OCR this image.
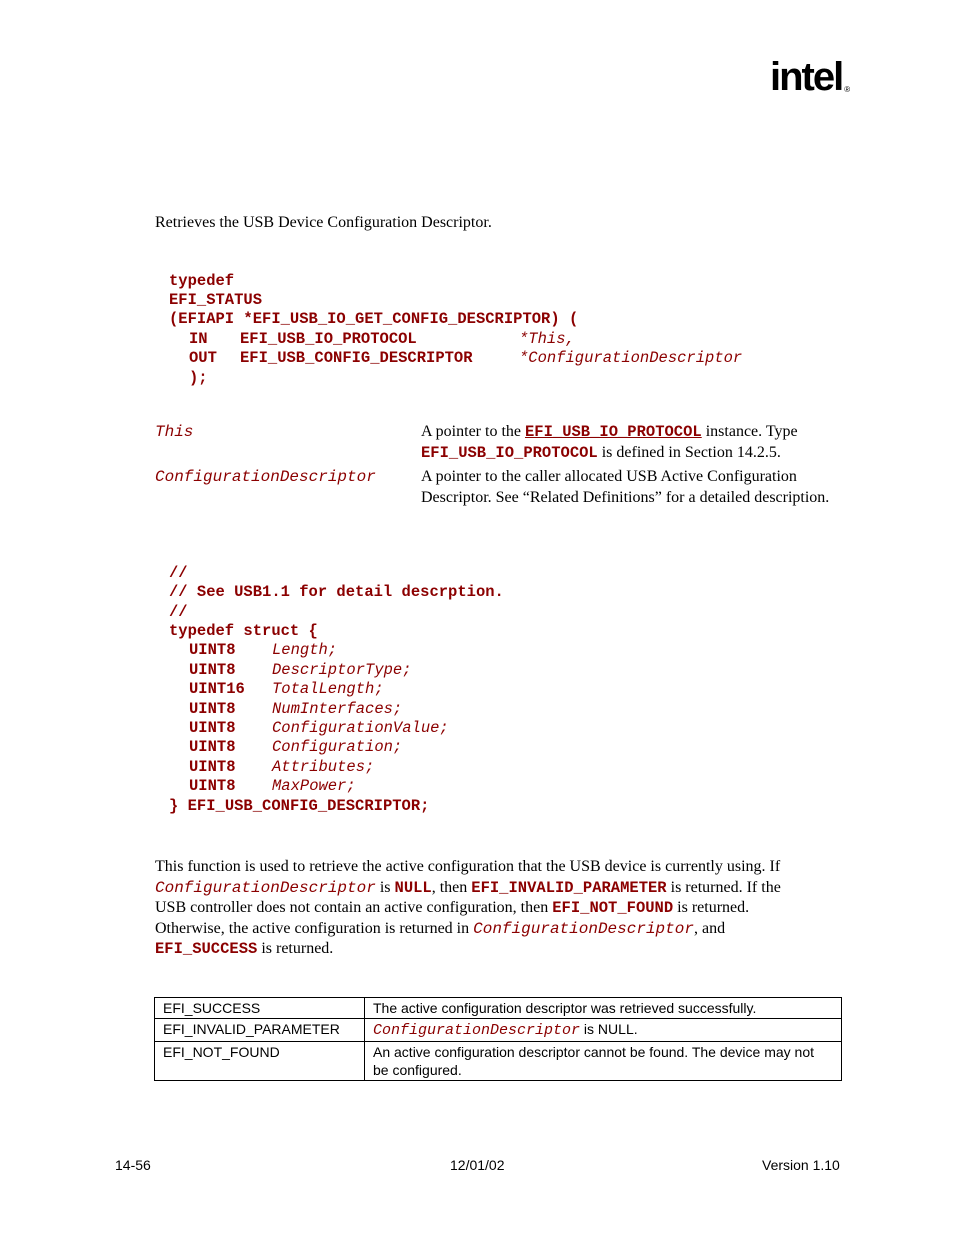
intel ®
Retrieves the USB Device Configuration Descriptor.
typedef
EFI_STATUS
(EFIAPI *EFI_USB_IO_GET_CONFIG_DESCRIPTOR) (
IN EFI_USB_IO_PROTOCOL	*This,
OUT EFI_USB_CONFIG_DESCRIPTOR	*ConfigurationDescriptor
);
This	A pointer to the EFI_USB_IO_PROTOCOL instance. Type EFI_USB_IO_PROTOCOL is defined in Section 14.2.5.
ConfigurationDescriptor	A pointer to the caller allocated USB Active Configuration Descriptor. See “Related Definitions” for a detailed description.
//
// See USB1.1 for detail descrption.
//
typedef struct {
UINT8 Length;
UINT8 DescriptorType;
UINT16 TotalLength;
UINT8 NumInterfaces;
UINT8 ConfigurationValue;
UINT8 Configuration;
UINT8 Attributes;
UINT8 MaxPower;
} EFI_USB_CONFIG_DESCRIPTOR;
This function is used to retrieve the active configuration that the USB device is currently using. If
ConfigurationDescriptor is NULL, then EFI_INVALID_PARAMETER is returned. If the
USB controller does not contain an active configuration, then EFI_NOT_FOUND is returned.
Otherwise, the active configuration is returned in ConfigurationDescriptor, and
EFI_SUCCESS is returned.
EFI_SUCCESS	The active configuration descriptor was retrieved successfully.
EFI_INVALID_PARAMETER	ConfigurationDescriptor is NULL.
EFI_NOT_FOUND	An active configuration descriptor cannot be found. The device may not be configured.
14-56	12/01/02	Version 1.10
